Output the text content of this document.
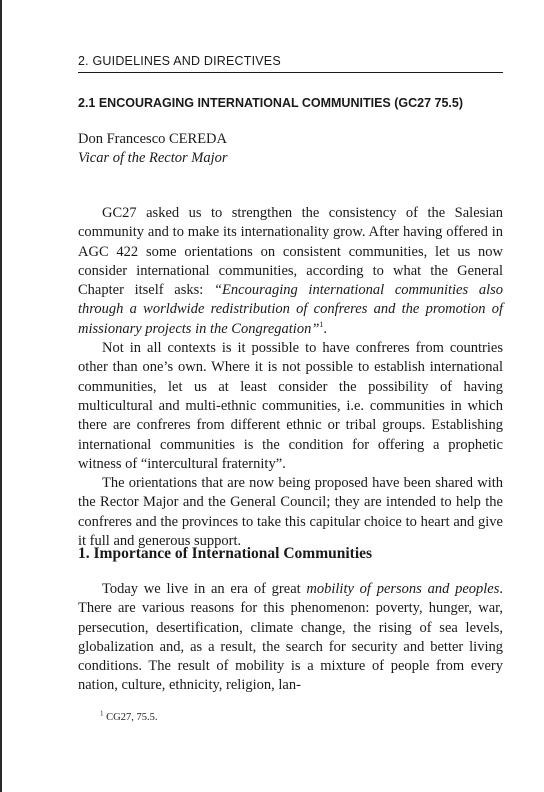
2. GUIDELINES AND DIRECTIVES
2.1 ENCOURAGING INTERNATIONAL COMMUNITIES (GC27 75.5)
Don Francesco CEREDA
Vicar of the Rector Major

GC27 asked us to strengthen the consistency of the Salesian community and to make its internationality grow. After having offered in AGC 422 some orientations on consistent communities, let us now consider international communities, according to what the General Chapter itself asks: “Encouraging international communities also through a worldwide redistribution of confreres and the promotion of missionary projects in the Congregation”$^1$.

Not in all contexts is it possible to have confreres from countries other than one’s own. Where it is not possible to establish international communities, let us at least consider the possibility of having multicultural and multi-ethnic communities, i.e. communities in which there are confreres from different ethnic or tribal groups. Establishing international communities is the condition for offering a prophetic witness of “intercultural fraternity”.

The orientations that are now being proposed have been shared with the Rector Major and the General Council; they are intended to help the confreres and the provinces to take this capitular choice to heart and give it full and generous support.

1. Importance of International Communities

Today we live in an era of great mobility of persons and peoples. There are various reasons for this phenomenon: poverty, hunger, war, persecution, desertification, climate change, the rising of sea levels, globalization and, as a result, the search for security and better living conditions. The result of mobility is a mixture of people from every nation, culture, ethnicity, religion, lan-

$^1$ CG27, 75.5.
